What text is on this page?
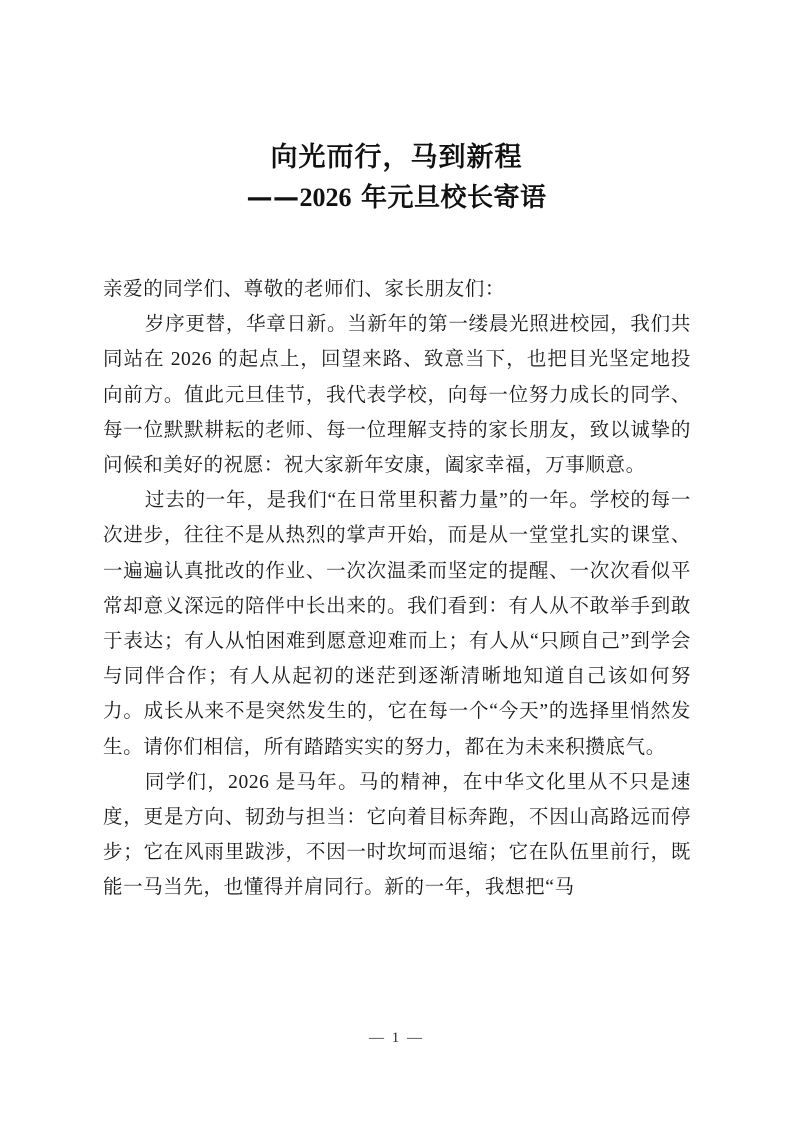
向光而行，马到新程
——2026 年元旦校长寄语

亲爱的同学们、尊敬的老师们、家长朋友们：

岁序更替，华章日新。当新年的第一缕晨光照进校园，我们共同站在 2026 的起点上，回望来路、致意当下，也把目光坚定地投向前方。值此元旦佳节，我代表学校，向每一位努力成长的同学、每一位默默耕耘的老师、每一位理解支持的家长朋友，致以诚挚的问候和美好的祝愿：祝大家新年安康，阖家幸福，万事顺意。

过去的一年，是我们“在日常里积蓄力量”的一年。学校的每一次进步，往往不是从热烈的掌声开始，而是从一堂堂扎实的课堂、一遍遍认真批改的作业、一次次温柔而坚定的提醒、一次次看似平常却意义深远的陪伴中长出来的。我们看到：有人从不敢举手到敢于表达；有人从怕困难到愿意迎难而上；有人从“只顾自己”到学会与同伴合作；有人从起初的迷茫到逐渐清晰地知道自己该如何努力。成长从来不是突然发生的，它在每一个“今天”的选择里悄然发生。请你们相信，所有踏踏实实的努力，都在为未来积攒底气。

同学们，2026 是马年。马的精神，在中华文化里从不只是速度，更是方向、韧劲与担当：它向着目标奔跑，不因山高路远而停步；它在风雨里跋涉，不因一时坎坷而退缩；它在队伍里前行，既能一马当先，也懂得并肩同行。新的一年，我想把“马

— 1 —
